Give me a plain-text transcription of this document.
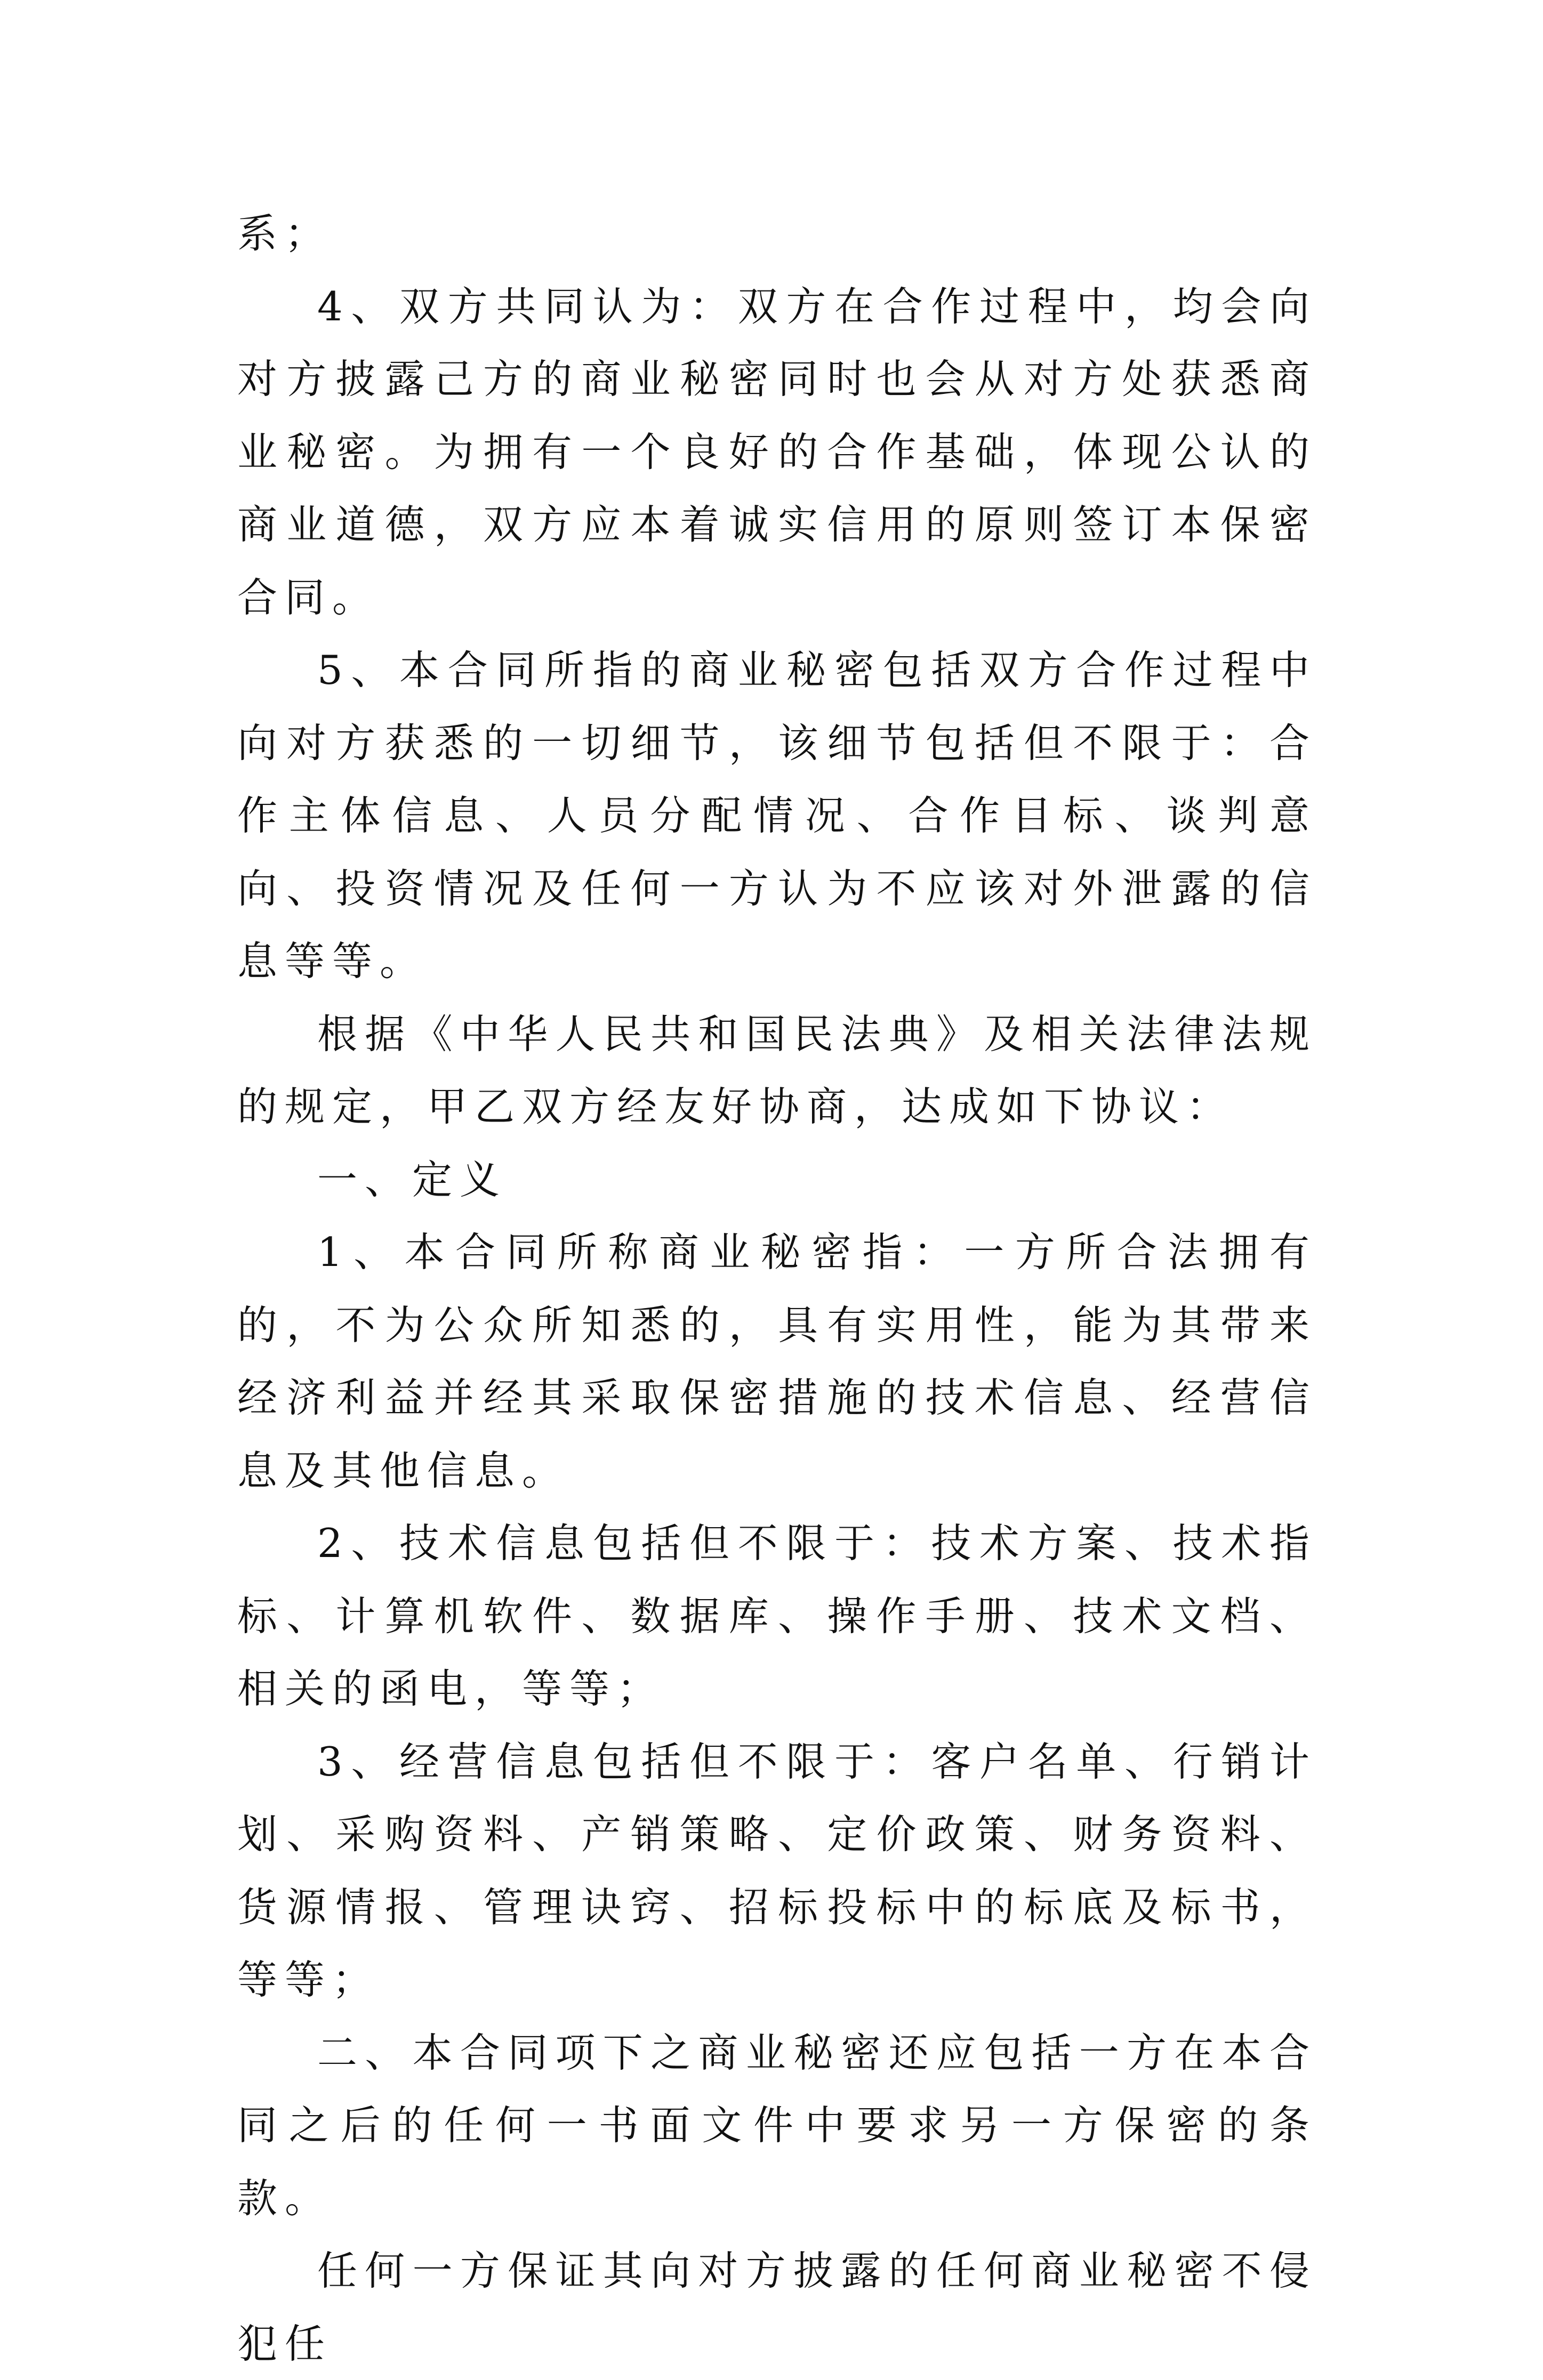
系；

4、双方共同认为：双方在合作过程中，均会向对方披露己方的商业秘密同时也会从对方处获悉商业秘密。为拥有一个良好的合作基础，体现公认的商业道德，双方应本着诚实信用的原则签订本保密合同。

5、本合同所指的商业秘密包括双方合作过程中向对方获悉的一切细节，该细节包括但不限于：合作主体信息、人员分配情况、合作目标、谈判意向、投资情况及任何一方认为不应该对外泄露的信息等等。

根据《中华人民共和国民法典》及相关法律法规的规定，甲乙双方经友好协商，达成如下协议：

一、定义

1、本合同所称商业秘密指：一方所合法拥有的，不为公众所知悉的，具有实用性，能为其带来经济利益并经其采取保密措施的技术信息、经营信息及其他信息。

2、技术信息包括但不限于：技术方案、技术指标、计算机软件、数据库、操作手册、技术文档、相关的函电，等等；

3、经营信息包括但不限于：客户名单、行销计划、采购资料、产销策略、定价政策、财务资料、货源情报、管理诀窍、招标投标中的标底及标书，等等；

二、本合同项下之商业秘密还应包括一方在本合同之后的任何一书面文件中要求另一方保密的条款。

任何一方保证其向对方披露的任何商业秘密不侵犯任
